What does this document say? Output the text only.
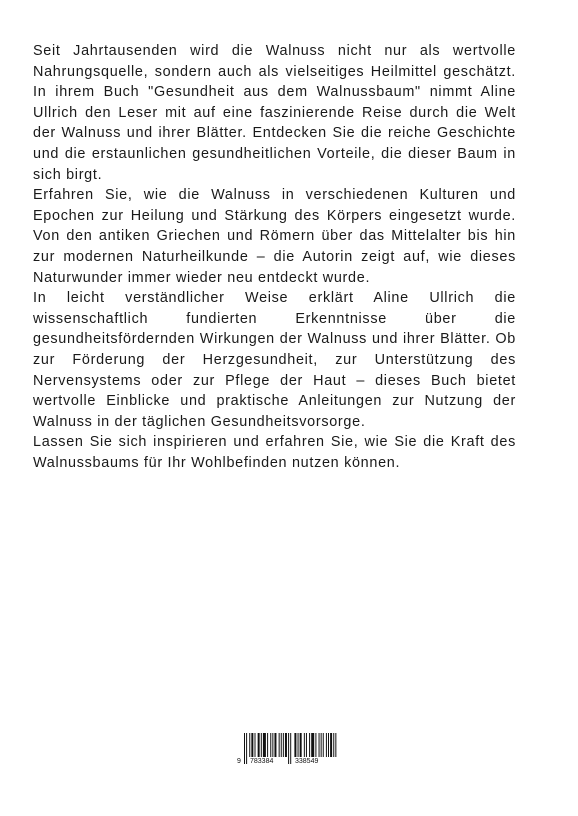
Seit Jahrtausenden wird die Walnuss nicht nur als wertvolle Nahrungsquelle, sondern auch als vielseitiges Heilmittel geschätzt. In ihrem Buch "Gesundheit aus dem Walnussbaum" nimmt Aline Ullrich den Leser mit auf eine faszinierende Reise durch die Welt der Walnuss und ihrer Blätter. Entdecken Sie die reiche Geschichte und die erstaunlichen gesundheitlichen Vorteile, die dieser Baum in sich birgt.

Erfahren Sie, wie die Walnuss in verschiedenen Kulturen und Epochen zur Heilung und Stärkung des Körpers eingesetzt wurde. Von den antiken Griechen und Römern über das Mittelalter bis hin zur modernen Naturheilkunde – die Autorin zeigt auf, wie dieses Naturwunder immer wieder neu entdeckt wurde.

In leicht verständlicher Weise erklärt Aline Ullrich die wissenschaftlich fundierten Erkenntnisse über die gesundheitsfördernden Wirkungen der Walnuss und ihrer Blätter. Ob zur Förderung der Herzgesundheit, zur Unterstützung des Nervensystems oder zur Pflege der Haut – dieses Buch bietet wertvolle Einblicke und praktische Anleitungen zur Nutzung der Walnuss in der täglichen Gesundheitsvorsorge.

Lassen Sie sich inspirieren und erfahren Sie, wie Sie die Kraft des Walnussbaums für Ihr Wohlbefinden nutzen können.

9 783384	338549
